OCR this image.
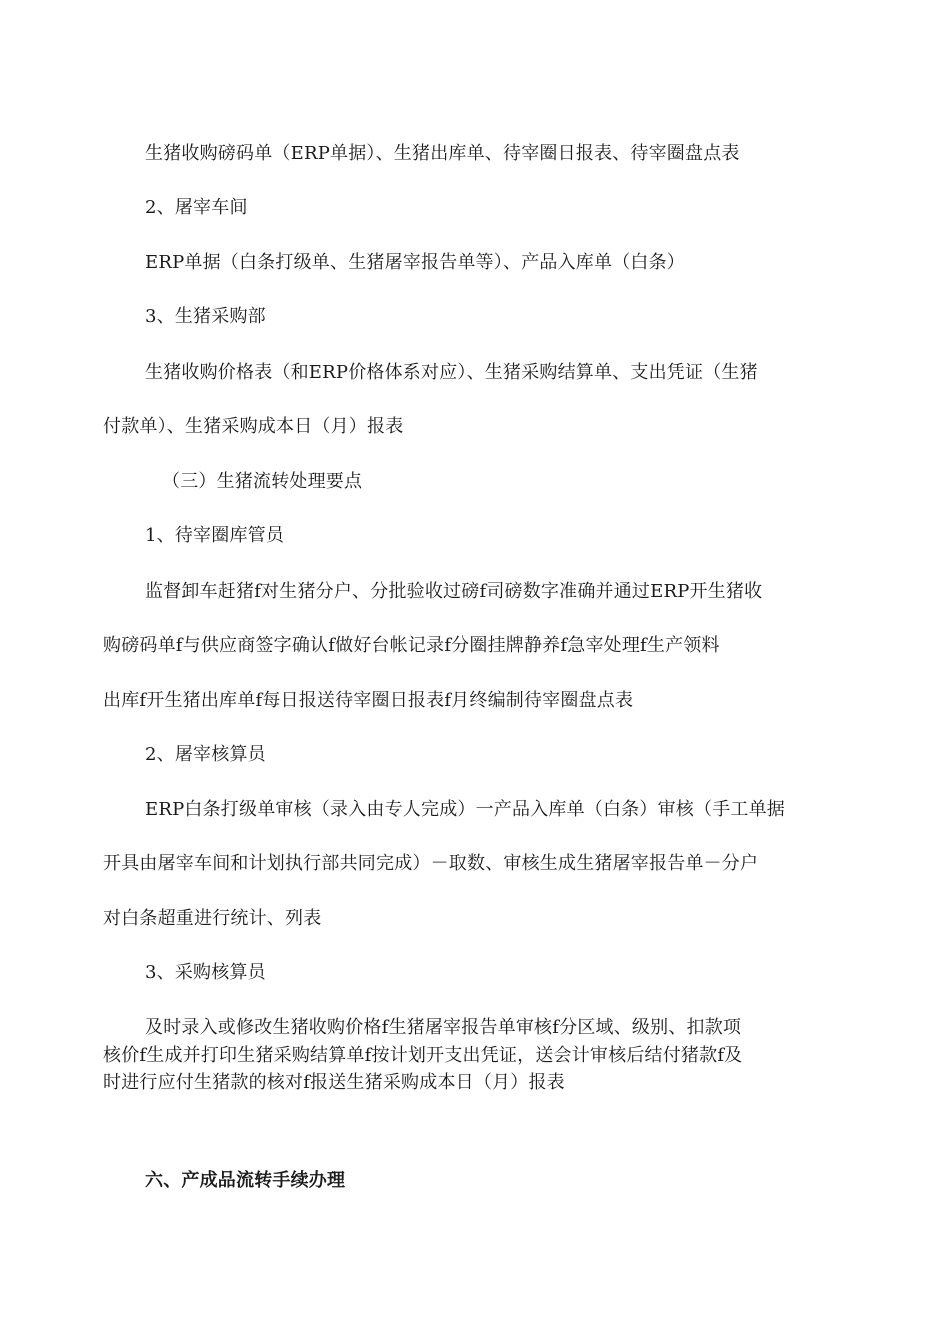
生猪收购磅码单（ERP单据）、生猪出库单、待宰圈日报表、待宰圈盘点表
2、屠宰车间
ERP单据（白条打级单、生猪屠宰报告单等）、产品入库单（白条）
3、生猪采购部
生猪收购价格表（和ERP价格体系对应）、生猪采购结算单、支出凭证（生猪
付款单）、生猪采购成本日（月）报表
（三）生猪流转处理要点
1、待宰圈库管员
监督卸车赶猪f对生猪分户、分批验收过磅f司磅数字准确并通过ERP开生猪收
购磅码单f与供应商签字确认f做好台帐记录f分圈挂牌静养f急宰处理f生产领料
出库f开生猪出库单f每日报送待宰圈日报表f月终编制待宰圈盘点表
2、屠宰核算员
ERP白条打级单审核（录入由专人完成）一产品入库单（白条）审核（手工单据
开具由屠宰车间和计划执行部共同完成）－取数、审核生成生猪屠宰报告单－分户
对白条超重进行统计、列表
3、采购核算员
及时录入或修改生猪收购价格f生猪屠宰报告单审核f分区域、级别、扣款项
核价f生成并打印生猪采购结算单f按计划开支出凭证，送会计审核后结付猪款f及
时进行应付生猪款的核对f报送生猪采购成本日（月）报表
六、产成品流转手续办理
